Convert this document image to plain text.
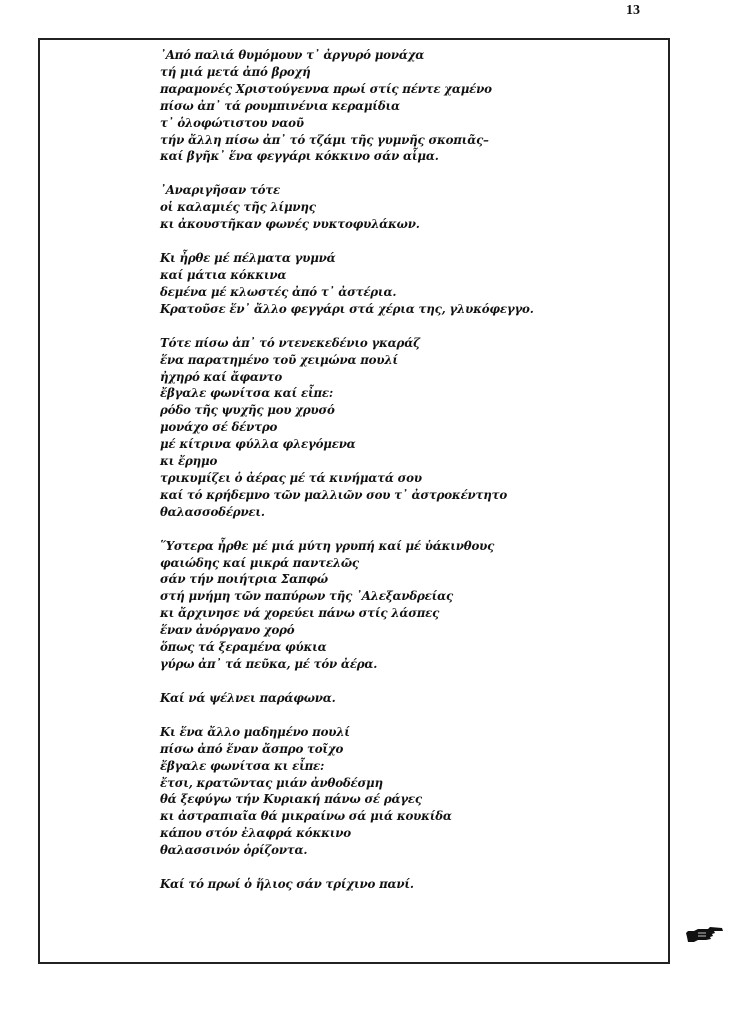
13
᾿Από παλιά θυμόμουν τ᾿ ἀργυρό μονάχα
τή μιά μετά ἀπό βροχή
παραμονές Χριστούγεννα πρωί στίς πέντε χαμένο
πίσω ἀπ᾿ τά ρουμπινένια κεραμίδια
τ᾿ ὁλοφώτιστου ναοῦ
τήν ἄλλη πίσω ἀπ᾿ τό τζάμι τῆς γυμνῆς σκοπιᾶς–
καί βγῆκ᾿ ἕνα φεγγάρι κόκκινο σάν αἷμα.
᾿Αναριγῆσαν τότε
οἱ καλαμιές τῆς λίμνης
κι ἀκουστῆκαν φωνές νυκτοφυλάκων.
Κι ἦρθε μέ πέλματα γυμνά
καί μάτια κόκκινα
δεμένα μέ κλωστές ἀπό τ᾿ ἀστέρια.
Κρατοῦσε ἕν᾿ ἄλλο φεγγάρι στά χέρια της, γλυκόφεγγο.
Τότε πίσω ἀπ᾿ τό ντενεκεδένιο γκαράζ
ἕνα παρατημένο τοῦ χειμώνα πουλί
ἠχηρό καί ἄφαντο
ἔβγαλε φωνίτσα καί εἶπε:
ρόδο τῆς ψυχῆς μου χρυσό
μονάχο σέ δέντρο
μέ κίτρινα φύλλα φλεγόμενα
κι ἔρημο
τρικυμίζει ὁ ἀέρας μέ τά κινήματά σου
καί τό κρήδεμνο τῶν μαλλιῶν σου τ᾿ ἀστροκέντητο
θαλασσοδέρνει.
῞Υστερα ἦρθε μέ μιά μύτη γρυπή καί μέ ὑάκινθους
φαιώδης καί μικρά παντελῶς
σάν τήν ποιήτρια Σαπφώ
στή μνήμη τῶν παπύρων τῆς ᾿Αλεξανδρείας
κι ἄρχινησε νά χορεύει πάνω στίς λάσπες
ἕναν ἀνόργανο χορό
ὅπως τά ξεραμένα φύκια
γύρω ἀπ᾿ τά πεῦκα, μέ τόν ἀέρα.
Καί νά ψέλνει παράφωνα.
Κι ἕνα ἄλλο μαδημένο πουλί
πίσω ἀπό ἕναν ἄσπρο τοῖχο
ἔβγαλε φωνίτσα κι εἶπε:
ἔτσι, κρατῶντας μιάν ἀνθοδέσμη
θά ξεφύγω τήν Κυριακή πάνω σέ ράγες
κι ἀστραπιαῖα θά μικραίνω σά μιά κουκίδα
κάπου στόν ἐλαφρά κόκκινο
θαλασσινόν ὁρίζοντα.
Καί τό πρωί ὁ ἥλιος σάν τρίχινο πανί.
